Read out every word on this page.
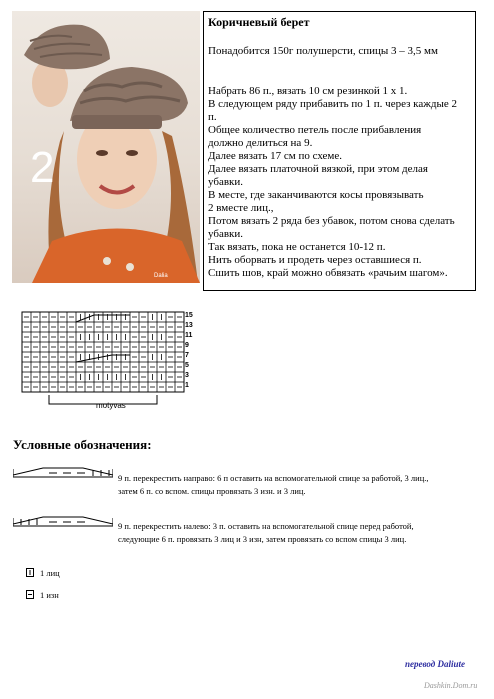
2
Dalia
Коричневый берет
Понадобится 150г полушерсти, спицы 3 – 3,5 мм
Набрать 86 п., вязать 10 см резинкой 1 х 1.
В следующем ряду прибавить по 1 п. через каждые 2
п.
Общее количество петель после прибавления
должно делиться на 9.
Далее вязать 17 см по схеме.
Далее вязать платочной вязкой, при этом делая
убавки.
В месте, где заканчиваются косы провязывать
2 вместе лиц.,
Потом вязать 2 ряда без убавок, потом снова сделать
убавки.
Так вязать, пока не останется 10-12 п.
Нить оборвать и продеть через оставшиеся п.
Сшить шов, край можно обвязать «рачьим шагом».
15
13
11
9
7
5
3
1
motyvas
Условные обозначения:
9 п. перекрестить направо: 6 п оставить на вспомогательной спице за работой, 3 лиц.,
затем 6 п. со вспом. спицы провязать 3 изн. и 3 лиц.
9 п. перекрестить налево: 3 п. оставить на вспомогательной спице перед работой,
следующие 6 п. провязать 3 лиц и 3 изн, затем провязать со вспом спицы 3 лиц.
1 лиц
1 изн
перевод Daliute
Dashkin.Dom.ru
